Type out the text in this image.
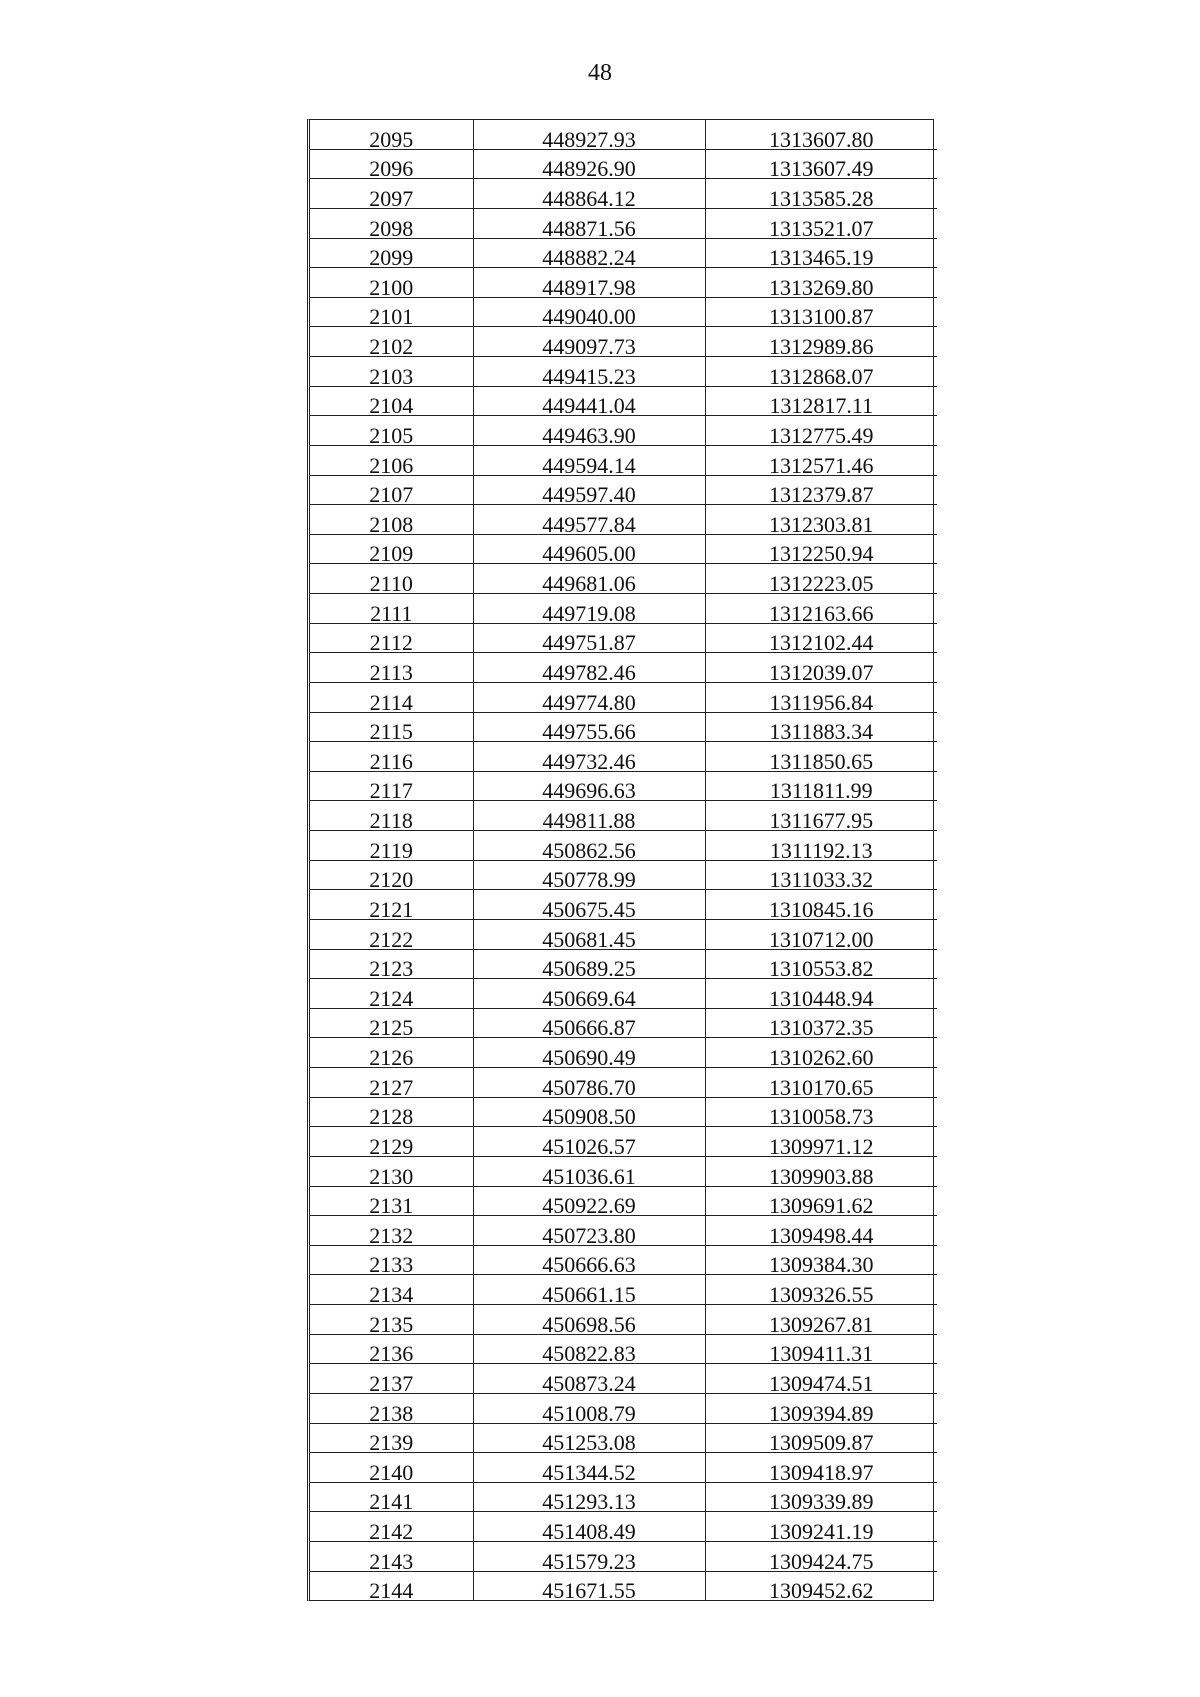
48
2095	448927.93	1313607.80
2096	448926.90	1313607.49
2097	448864.12	1313585.28
2098	448871.56	1313521.07
2099	448882.24	1313465.19
2100	448917.98	1313269.80
2101	449040.00	1313100.87
2102	449097.73	1312989.86
2103	449415.23	1312868.07
2104	449441.04	1312817.11
2105	449463.90	1312775.49
2106	449594.14	1312571.46
2107	449597.40	1312379.87
2108	449577.84	1312303.81
2109	449605.00	1312250.94
2110	449681.06	1312223.05
2111	449719.08	1312163.66
2112	449751.87	1312102.44
2113	449782.46	1312039.07
2114	449774.80	1311956.84
2115	449755.66	1311883.34
2116	449732.46	1311850.65
2117	449696.63	1311811.99
2118	449811.88	1311677.95
2119	450862.56	1311192.13
2120	450778.99	1311033.32
2121	450675.45	1310845.16
2122	450681.45	1310712.00
2123	450689.25	1310553.82
2124	450669.64	1310448.94
2125	450666.87	1310372.35
2126	450690.49	1310262.60
2127	450786.70	1310170.65
2128	450908.50	1310058.73
2129	451026.57	1309971.12
2130	451036.61	1309903.88
2131	450922.69	1309691.62
2132	450723.80	1309498.44
2133	450666.63	1309384.30
2134	450661.15	1309326.55
2135	450698.56	1309267.81
2136	450822.83	1309411.31
2137	450873.24	1309474.51
2138	451008.79	1309394.89
2139	451253.08	1309509.87
2140	451344.52	1309418.97
2141	451293.13	1309339.89
2142	451408.49	1309241.19
2143	451579.23	1309424.75
2144	451671.55	1309452.62
